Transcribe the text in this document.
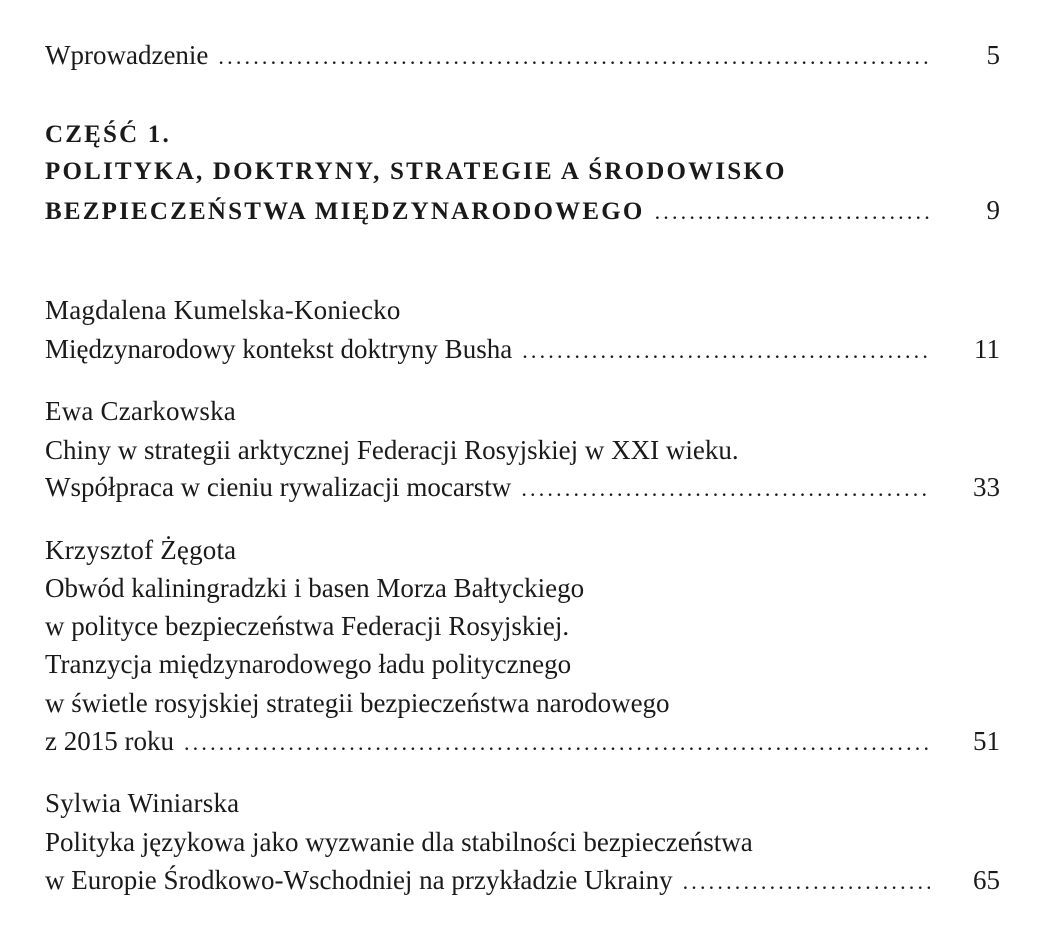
Wprowadzenie .....	5
CZĘŚĆ 1.
POLITYKA, DOKTRYNY, STRATEGIE A ŚRODOWISKO
BEZPIECZEŃSTWA MIĘDZYNARODOWEGO .....	9
Magdalena Kumelska-Koniecko
Międzynarodowy kontekst doktryny Busha .....	11
Ewa Czarkowska
Chiny w strategii arktycznej Federacji Rosyjskiej w XXI wieku.
Współpraca w cieniu rywalizacji mocarstw .....	33
Krzysztof Żęgota
Obwód kaliningradzki i basen Morza Bałtyckiego
w polityce bezpieczeństwa Federacji Rosyjskiej.
Tranzycja międzynarodowego ładu politycznego
w świetle rosyjskiej strategii bezpieczeństwa narodowego
z 2015 roku .....	51
Sylwia Winiarska
Polityka językowa jako wyzwanie dla stabilności bezpieczeństwa
w Europie Środkowo-Wschodniej na przykładzie Ukrainy .....	65
